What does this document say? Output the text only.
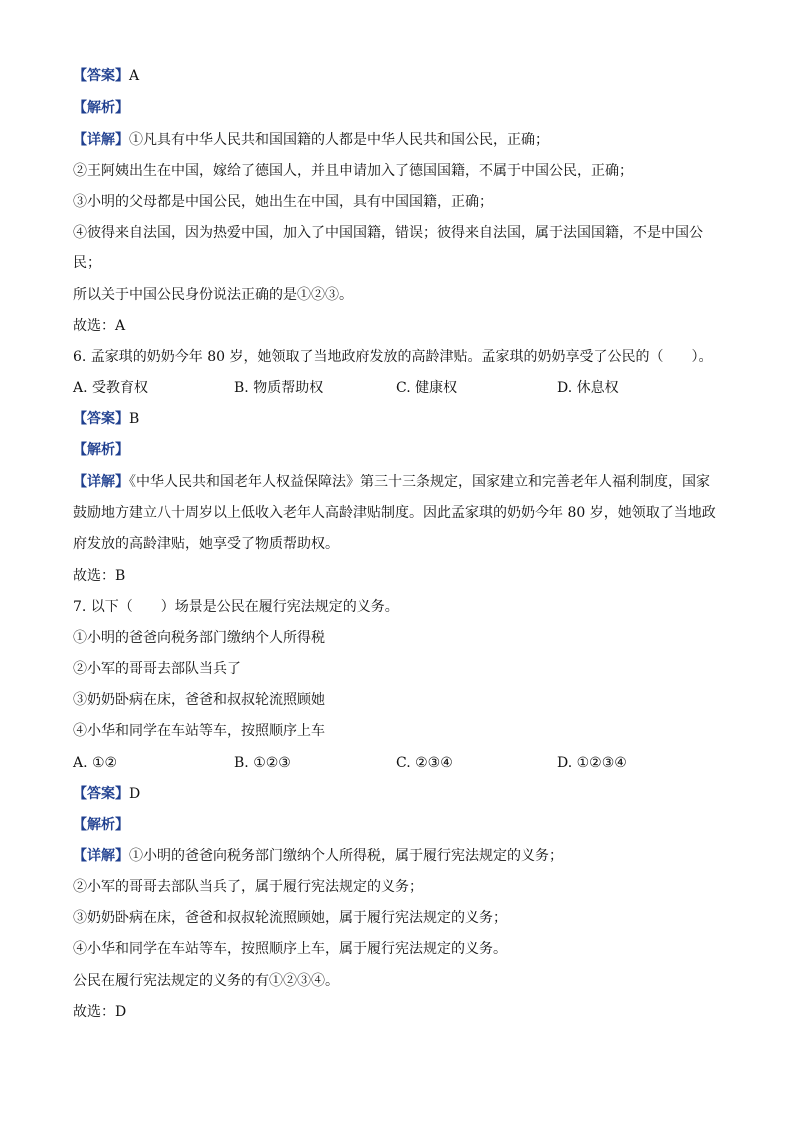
【答案】A
【解析】
【详解】①凡具有中华人民共和国国籍的人都是中华人民共和国公民，正确；
②王阿姨出生在中国，嫁给了德国人，并且申请加入了德国国籍，不属于中国公民，正确；
③小明的父母都是中国公民，她出生在中国，具有中国国籍，正确；
④彼得来自法国，因为热爱中国，加入了中国国籍，错误；彼得来自法国，属于法国国籍，不是中国公
民；
所以关于中国公民身份说法正确的是①②③。
故选：A
6. 孟家琪的奶奶今年 80 岁，她领取了当地政府发放的高龄津贴。孟家琪的奶奶享受了公民的（　　）。
A. 受教育权	B. 物质帮助权	C. 健康权	D. 休息权
【答案】B
【解析】
【详解】《中华人民共和国老年人权益保障法》第三十三条规定，国家建立和完善老年人福利制度，国家
鼓励地方建立八十周岁以上低收入老年人高龄津贴制度。因此孟家琪的奶奶今年 80 岁，她领取了当地政
府发放的高龄津贴，她享受了物质帮助权。
故选：B
7. 以下（　　）场景是公民在履行宪法规定的义务。
①小明的爸爸向税务部门缴纳个人所得税
②小军的哥哥去部队当兵了
③奶奶卧病在床，爸爸和叔叔轮流照顾她
④小华和同学在车站等车，按照顺序上车
A. ①②	B. ①②③	C. ②③④	D. ①②③④
【答案】D
【解析】
【详解】①小明的爸爸向税务部门缴纳个人所得税，属于履行宪法规定的义务；
②小军的哥哥去部队当兵了，属于履行宪法规定的义务；
③奶奶卧病在床，爸爸和叔叔轮流照顾她，属于履行宪法规定的义务；
④小华和同学在车站等车，按照顺序上车，属于履行宪法规定的义务。
公民在履行宪法规定的义务的有①②③④。
故选：D
